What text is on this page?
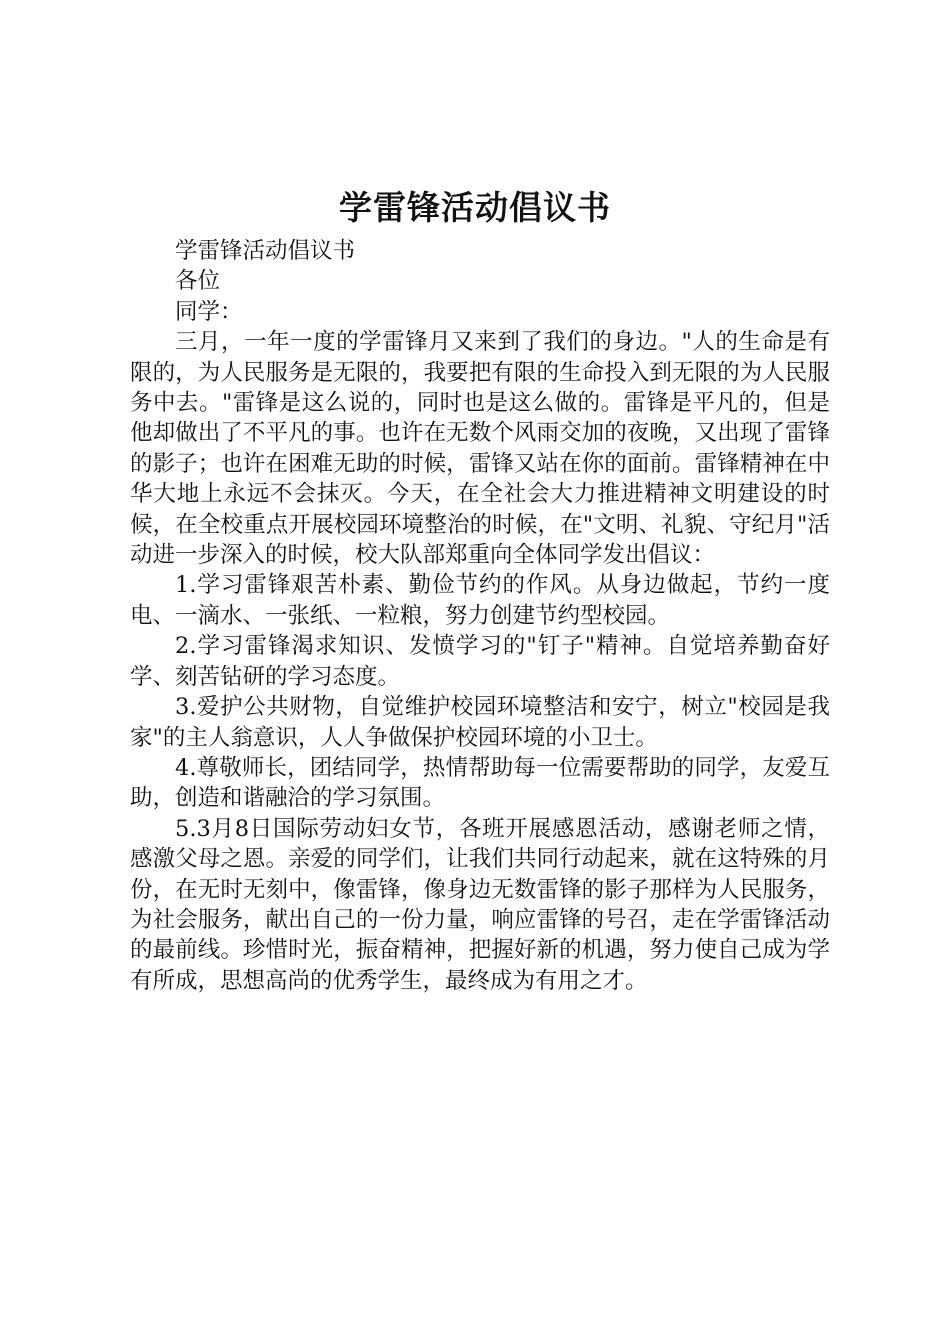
学雷锋活动倡议书

学雷锋活动倡议书

各位

同学：

三月，一年一度的学雷锋月又来到了我们的身边。"人的生命是有限的，为人民服务是无限的，我要把有限的生命投入到无限的为人民服务中去。"雷锋是这么说的，同时也是这么做的。雷锋是平凡的，但是他却做出了不平凡的事。也许在无数个风雨交加的夜晚，又出现了雷锋的影子；也许在困难无助的时候，雷锋又站在你的面前。雷锋精神在中华大地上永远不会抹灭。今天，在全社会大力推进精神文明建设的时候，在全校重点开展校园环境整治的时候，在"文明、礼貌、守纪月"活动进一步深入的时候，校大队部郑重向全体同学发出倡议：

1.学习雷锋艰苦朴素、勤俭节约的作风。从身边做起，节约一度电、一滴水、一张纸、一粒粮，努力创建节约型校园。

2.学习雷锋渴求知识、发愤学习的"钉子"精神。自觉培养勤奋好学、刻苦钻研的学习态度。

3.爱护公共财物，自觉维护校园环境整洁和安宁，树立"校园是我家"的主人翁意识，人人争做保护校园环境的小卫士。

4.尊敬师长，团结同学，热情帮助每一位需要帮助的同学，友爱互助，创造和谐融洽的学习氛围。

5.3月8日国际劳动妇女节，各班开展感恩活动，感谢老师之情，感激父母之恩。亲爱的同学们，让我们共同行动起来，就在这特殊的月份，在无时无刻中，像雷锋，像身边无数雷锋的影子那样为人民服务，为社会服务，献出自己的一份力量，响应雷锋的号召，走在学雷锋活动的最前线。珍惜时光，振奋精神，把握好新的机遇，努力使自己成为学有所成，思想高尚的优秀学生，最终成为有用之才。
